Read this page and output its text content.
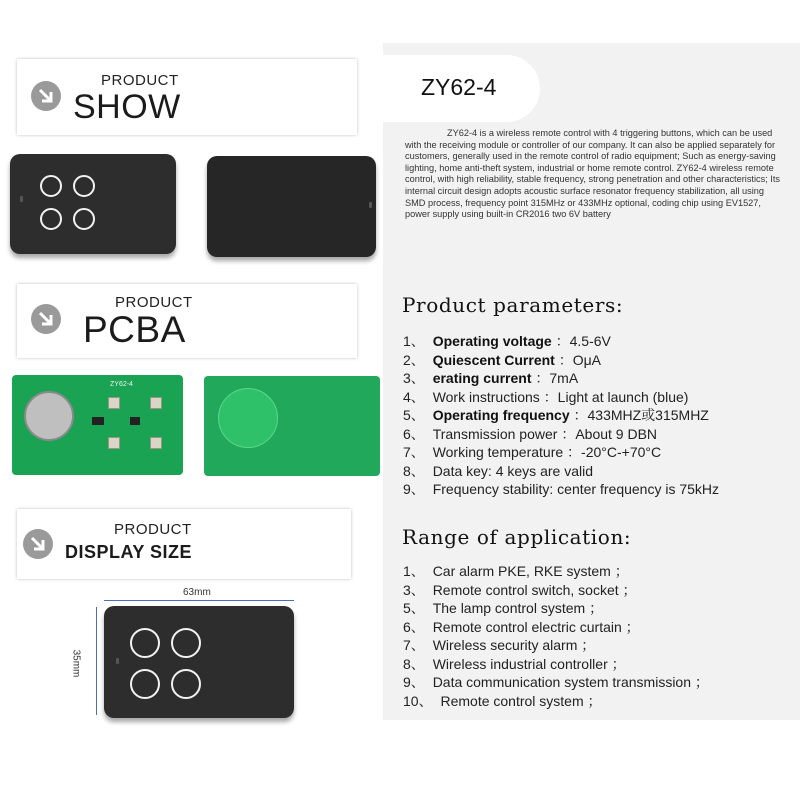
PRODUCT
SHOW
PRODUCT
PCBA
ZY62-4
PRODUCT
DISPLAY SIZE
63mm
35mm
ZY62-4
ZY62-4 is a wireless remote control with 4 triggering buttons, which can be used with the receiving module or controller of our company. It can also be applied separately for customers, generally used in the remote control of radio equipment; Such as energy-saving lighting, home anti-theft system, industrial or home remote control. ZY62-4 wireless remote control, with high reliability, stable frequency, strong penetration and other characteristics; Its internal circuit design adopts acoustic surface resonator frequency stabilization, all using SMD process, frequency point 315MHz or 433MHz optional, coding chip using EV1527, power supply using built-in CR2016 two 6V battery
Product parameters:
1、 Operating voltage ：4.5-6V
2、 Quiescent Current ：OμA
3、 erating current ：7mA
4、 Work instructions ：Light at launch (blue)
5、 Operating frequency ：433MHZ或315MHZ
6、 Transmission power ：About 9 DBN
7、 Working temperature ：-20°C-+70°C
8、 Data key: 4 keys are valid
9、 Frequency stability: center frequency is 75kHz
Range of application:
1、 Car alarm PKE, RKE system ；
3、 Remote control switch, socket ；
5、 The lamp control system ；
6、 Remote control electric curtain ；
7、 Wireless security alarm ；
8、 Wireless industrial controller ；
9、 Data communication system transmission ；
10、 Remote control system ；
